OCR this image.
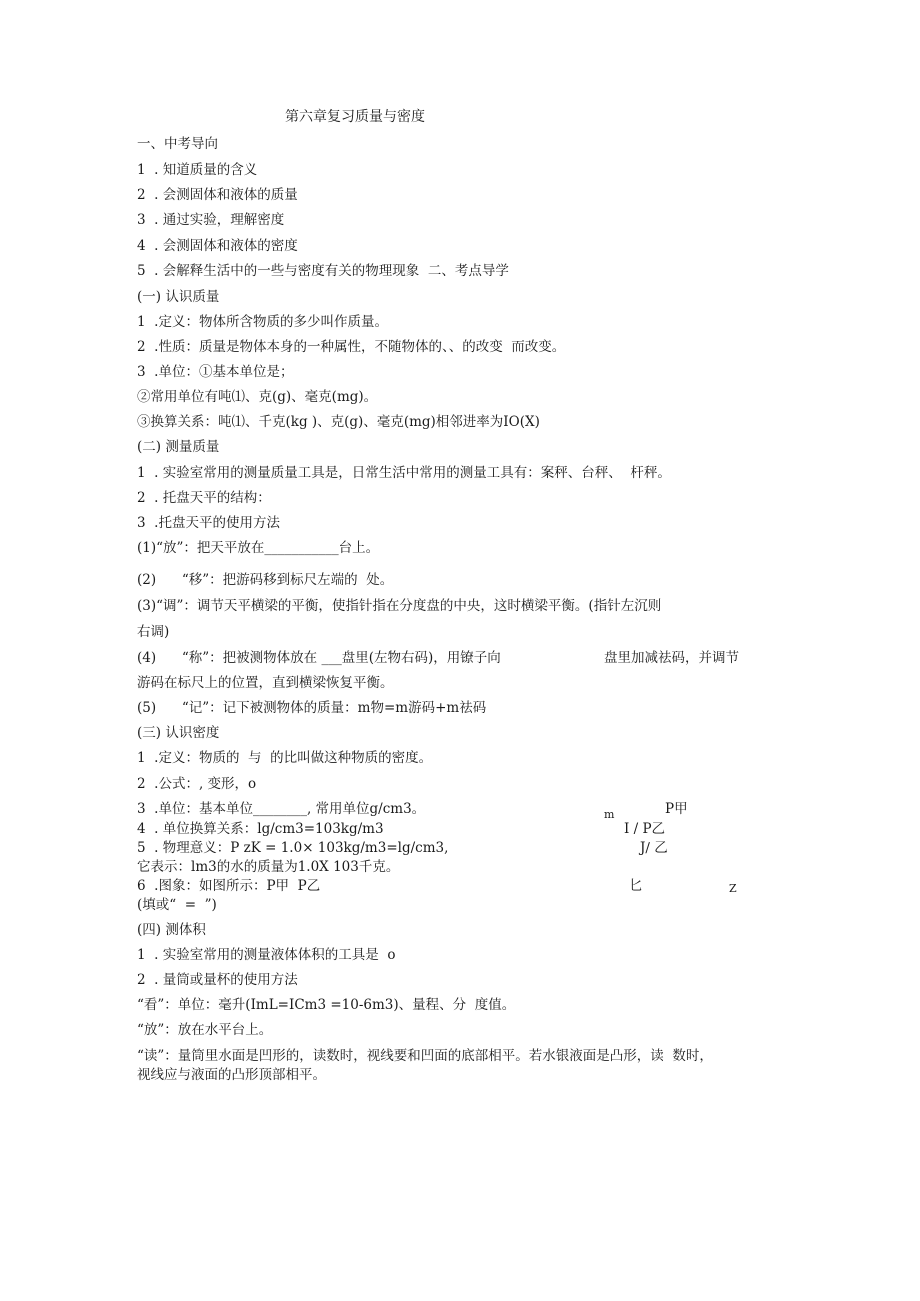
第六章复习质量与密度
一、中考导向
1  . 知道质量的含义
2  . 会测固体和液体的质量
3  . 通过实验，理解密度
4  . 会测固体和液体的密度
5  . 会解释生活中的一些与密度有关的物理现象  二、考点导学
(一) 认识质量
1  .定义：物体所含物质的多少叫作质量。
2  .性质：质量是物体本身的一种属性，不随物体的、、的改变  而改变。
3  .单位：①基本单位是；
②常用单位有吨⑴、克(g)、毫克(mg)。
③换算关系：吨⑴、千克(kg )、克(g)、毫克(mg)相邻进率为IO(X)
(二) 测量质量
1  . 实验室常用的测量质量工具是，日常生活中常用的测量工具有：案秤、台秤、  杆秤。
2  . 托盘天平的结构：
3  .托盘天平的使用方法
(1)“放”：把天平放在___________台上。
(2)      “移”：把游码移到标尺左端的  处。
(3)“调”：调节天平横梁的平衡，使指针指在分度盘的中央，这时横梁平衡。(指针左沉则
右调)
(4)      “称”：把被测物体放在 ___盘里(左物右码)，用镣子向	盘里加减祛码，并调节
游码在标尺上的位置，直到横梁恢复平衡。
(5)      “记”：记下被测物体的质量：m物=m游码+m祛码
(三) 认识密度
1  .定义：物质的  与  的比叫做这种物质的密度。
2  .公式：, 变形，o
3  .单位：基本单位________, 常用单位g/cm3。
4  . 单位换算关系：lg/cm3=103kg/m3
5  . 物理意义：P zK = 1.0× 103kg/m3=lg/cm3,
它表示：lm3的水的质量为1.0X 103千克。
6  .图象：如图所示：P甲  P乙
(填或“  =  ”)
(四) 测体积
1  . 实验室常用的测量液体体积的工具是  o
2  . 量筒或量杯的使用方法
“看”：单位：毫升(ImL=ICm3 =10-6m3)、量程、分  度值。
“放”：放在水平台上。
“读”：量筒里水面是凹形的，读数时，视线要和凹面的底部相平。若水银液面是凸形，读  数时，
视线应与液面的凸形顶部相平。
m	P甲
I / P乙
J∕ 乙
匕	Z
